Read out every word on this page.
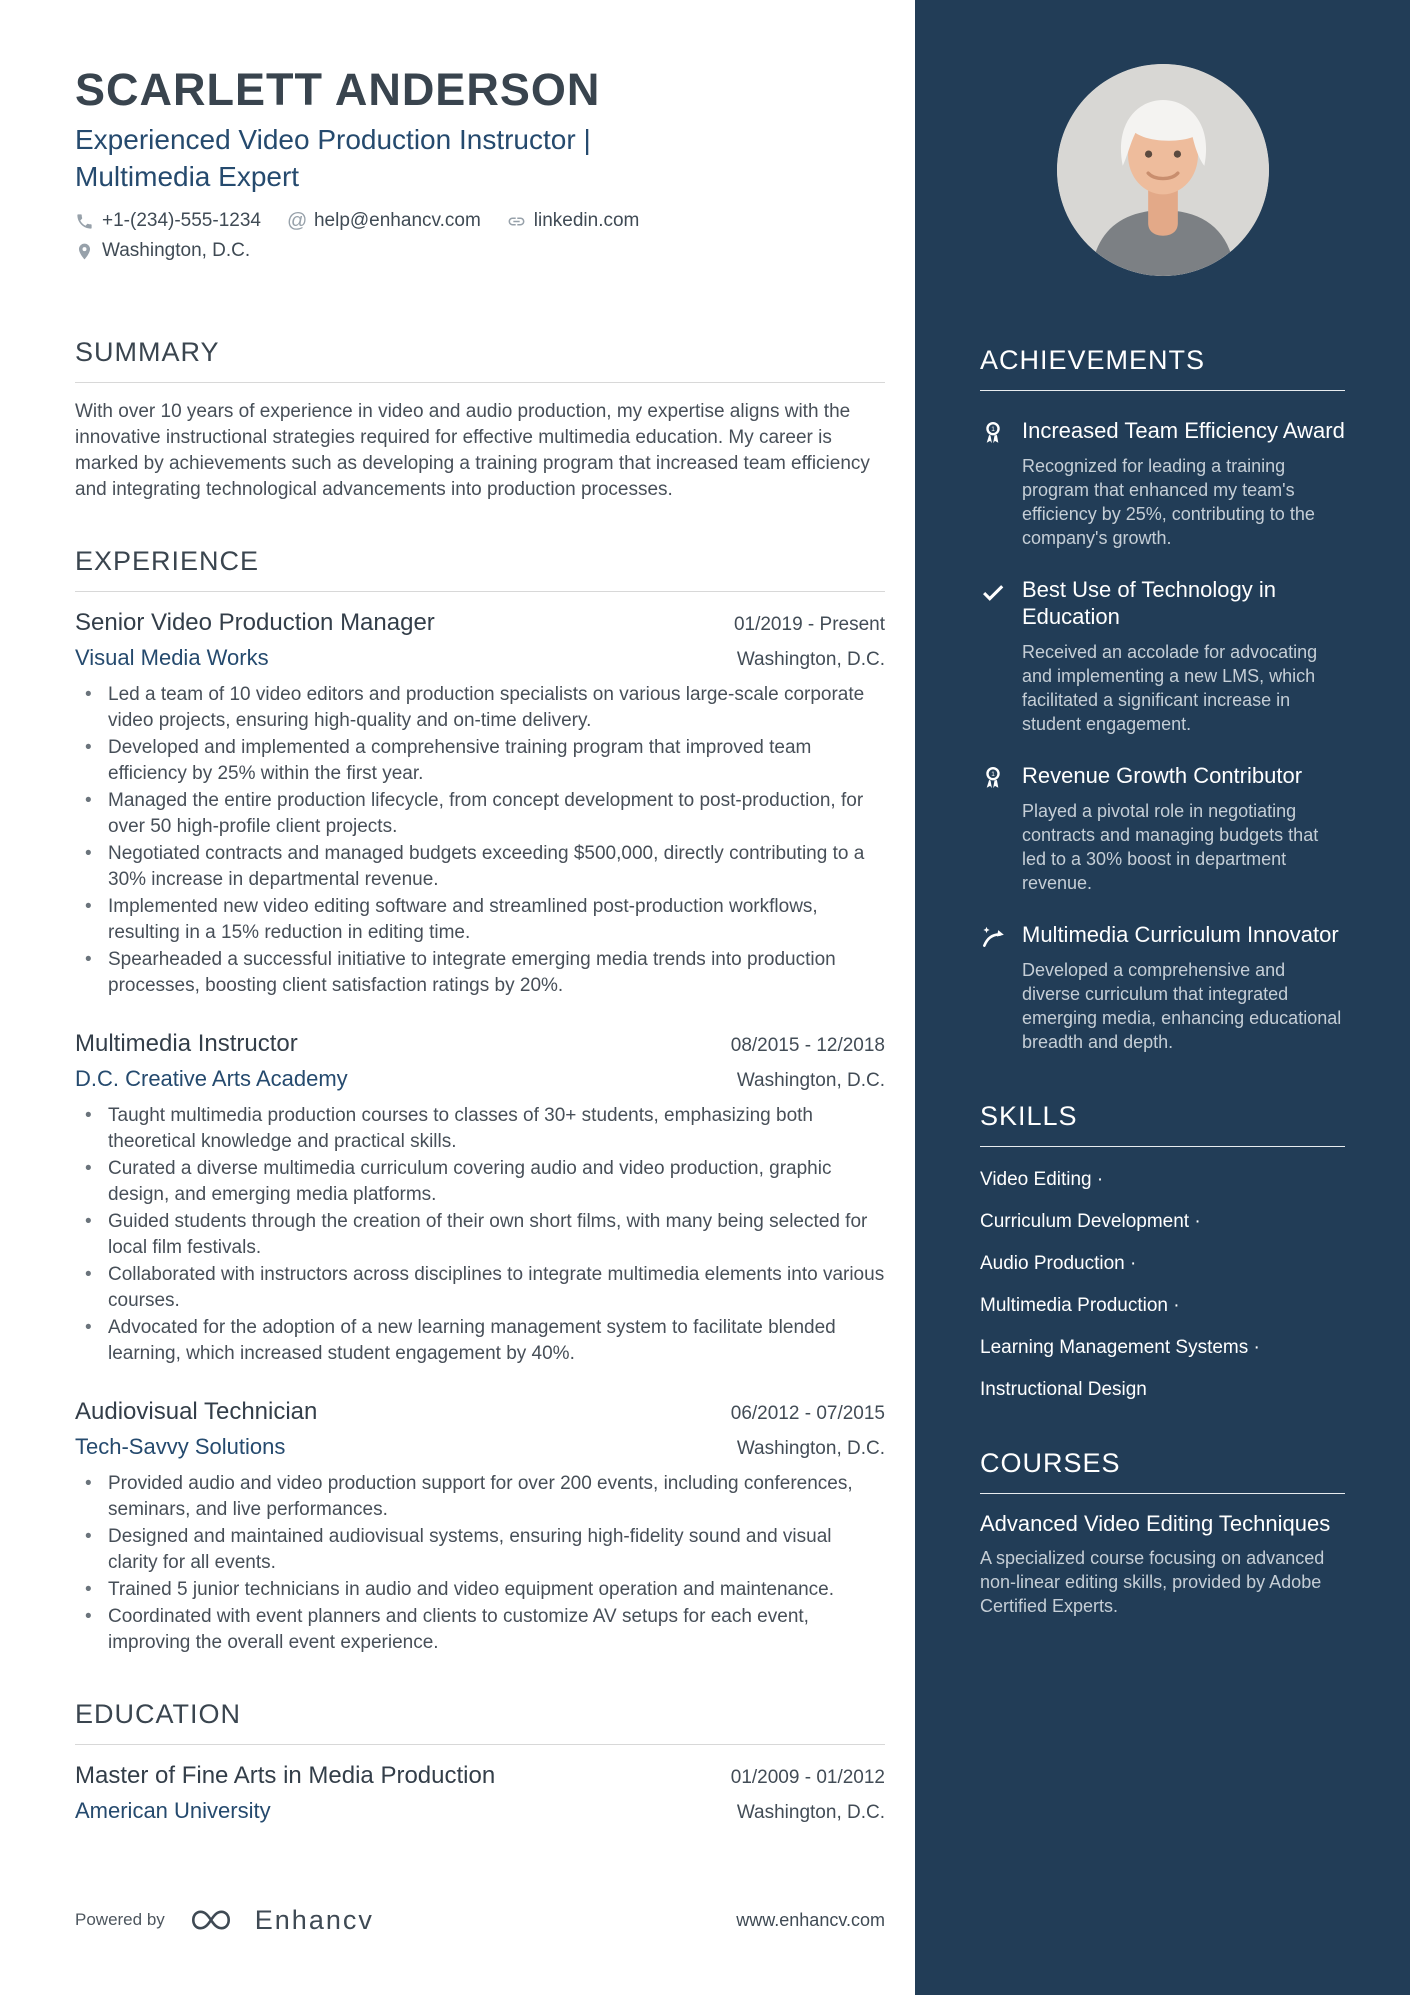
SCARLETT ANDERSON
Experienced Video Production Instructor | Multimedia Expert
+1-(234)-555-1234 @ help@enhancv.com	linkedin.com
Washington, D.C.
SUMMARY

With over 10 years of experience in video and audio production, my expertise aligns with the innovative instructional strategies required for effective multimedia education. My career is marked by achievements such as developing a training program that increased team efficiency and integrating technological advancements into production processes.

EXPERIENCE
Senior Video Production Manager	01/2019 - Present
Visual Media Works	Washington, D.C.
• Led a team of 10 video editors and production specialists on various large-scale corporate video projects, ensuring high-quality and on-time delivery.
• Developed and implemented a comprehensive training program that improved team efficiency by 25% within the first year.
• Managed the entire production lifecycle, from concept development to post-production, for over 50 high-profile client projects.
• Negotiated contracts and managed budgets exceeding $500,000, directly contributing to a 30% increase in departmental revenue.
• Implemented new video editing software and streamlined post-production workflows, resulting in a 15% reduction in editing time.
• Spearheaded a successful initiative to integrate emerging media trends into production processes, boosting client satisfaction ratings by 20%.
Multimedia Instructor	08/2015 - 12/2018
D.C. Creative Arts Academy	Washington, D.C.
• Taught multimedia production courses to classes of 30+ students, emphasizing both theoretical knowledge and practical skills.
• Curated a diverse multimedia curriculum covering audio and video production, graphic design, and emerging media platforms.
• Guided students through the creation of their own short films, with many being selected for local film festivals.
• Collaborated with instructors across disciplines to integrate multimedia elements into various courses.
• Advocated for the adoption of a new learning management system to facilitate blended learning, which increased student engagement by 40%.
Audiovisual Technician	06/2012 - 07/2015
Tech-Savvy Solutions	Washington, D.C.
• Provided audio and video production support for over 200 events, including conferences, seminars, and live performances.
• Designed and maintained audiovisual systems, ensuring high-fidelity sound and visual clarity for all events.
• Trained 5 junior technicians in audio and video equipment operation and maintenance.
• Coordinated with event planners and clients to customize AV setups for each event, improving the overall event experience.
EDUCATION
Master of Fine Arts in Media Production	01/2009 - 01/2012
American University	Washington, D.C.
Powered by	Enhancv	www.enhancv.com
ACHIEVEMENTS
1 Increased Team Efficiency Award
Recognized for leading a training program that enhanced my team's efficiency by 25%, contributing to the company's growth.
Best Use of Technology in Education
Received an accolade for advocating and implementing a new LMS, which facilitated a significant increase in student engagement.
1 Revenue Growth Contributor
Played a pivotal role in negotiating contracts and managing budgets that led to a 30% boost in department revenue.
Multimedia Curriculum Innovator
Developed a comprehensive and diverse curriculum that integrated emerging media, enhancing educational breadth and depth.
SKILLS
Video Editing ·
Curriculum Development ·
Audio Production ·
Multimedia Production ·
Learning Management Systems ·
Instructional Design
COURSES
Advanced Video Editing Techniques
A specialized course focusing on advanced non-linear editing skills, provided by Adobe Certified Experts.
